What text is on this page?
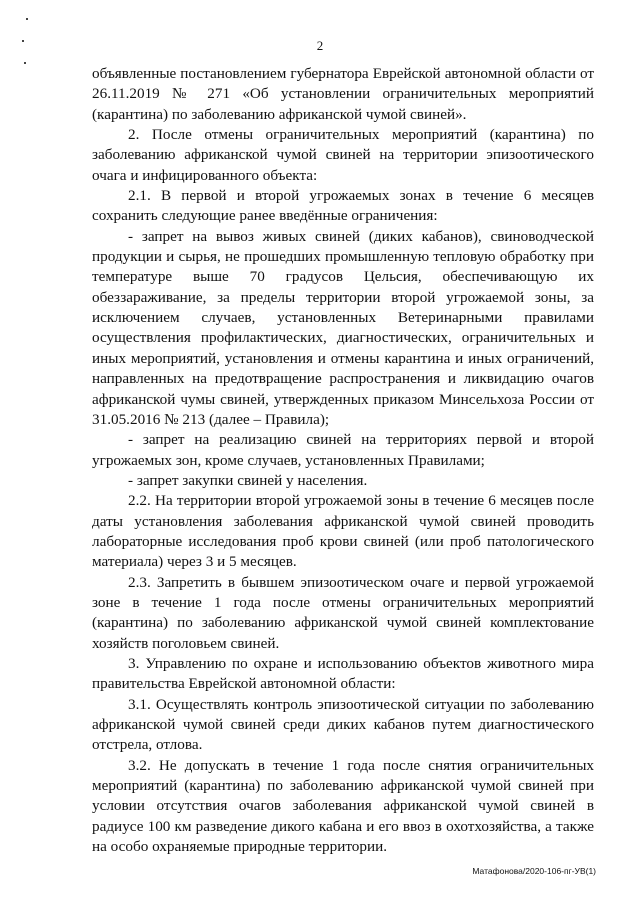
2

объявленные постановлением губернатора Еврейской автономной области от 26.11.2019 № 271 «Об установлении ограничительных мероприятий (карантина) по заболеванию африканской чумой свиней».

2. После отмены ограничительных мероприятий (карантина) по заболеванию африканской чумой свиней на территории эпизоотического очага и инфицированного объекта:

2.1. В первой и второй угрожаемых зонах в течение 6 месяцев сохранить следующие ранее введённые ограничения:

- запрет на вывоз живых свиней (диких кабанов), свиноводческой продукции и сырья, не прошедших промышленную тепловую обработку при температуре выше 70 градусов Цельсия, обеспечивающую их обеззараживание, за пределы территории второй угрожаемой зоны, за исключением случаев, установленных Ветеринарными правилами осуществления профилактических, диагностических, ограничительных и иных мероприятий, установления и отмены карантина и иных ограничений, направленных на предотвращение распространения и ликвидацию очагов африканской чумы свиней, утвержденных приказом Минсельхоза России от 31.05.2016 № 213 (далее – Правила);

- запрет на реализацию свиней на территориях первой и второй угрожаемых зон, кроме случаев, установленных Правилами;

- запрет закупки свиней у населения.

2.2. На территории второй угрожаемой зоны в течение 6 месяцев после даты установления заболевания африканской чумой свиней проводить лабораторные исследования проб крови свиней (или проб патологического материала) через 3 и 5 месяцев.

2.3. Запретить в бывшем эпизоотическом очаге и первой угрожаемой зоне в течение 1 года после отмены ограничительных мероприятий (карантина) по заболеванию африканской чумой свиней комплектование хозяйств поголовьем свиней.

3. Управлению по охране и использованию объектов животного мира правительства Еврейской автономной области:

3.1. Осуществлять контроль эпизоотической ситуации по заболеванию африканской чумой свиней среди диких кабанов путем диагностического отстрела, отлова.

3.2. Не допускать в течение 1 года после снятия ограничительных мероприятий (карантина) по заболеванию африканской чумой свиней при условии отсутствия очагов заболевания африканской чумой свиней в радиусе 100 км разведение дикого кабана и его ввоз в охотхозяйства, а также на особо охраняемые природные территории.

Матафонова/2020-106-пг-УВ(1)
